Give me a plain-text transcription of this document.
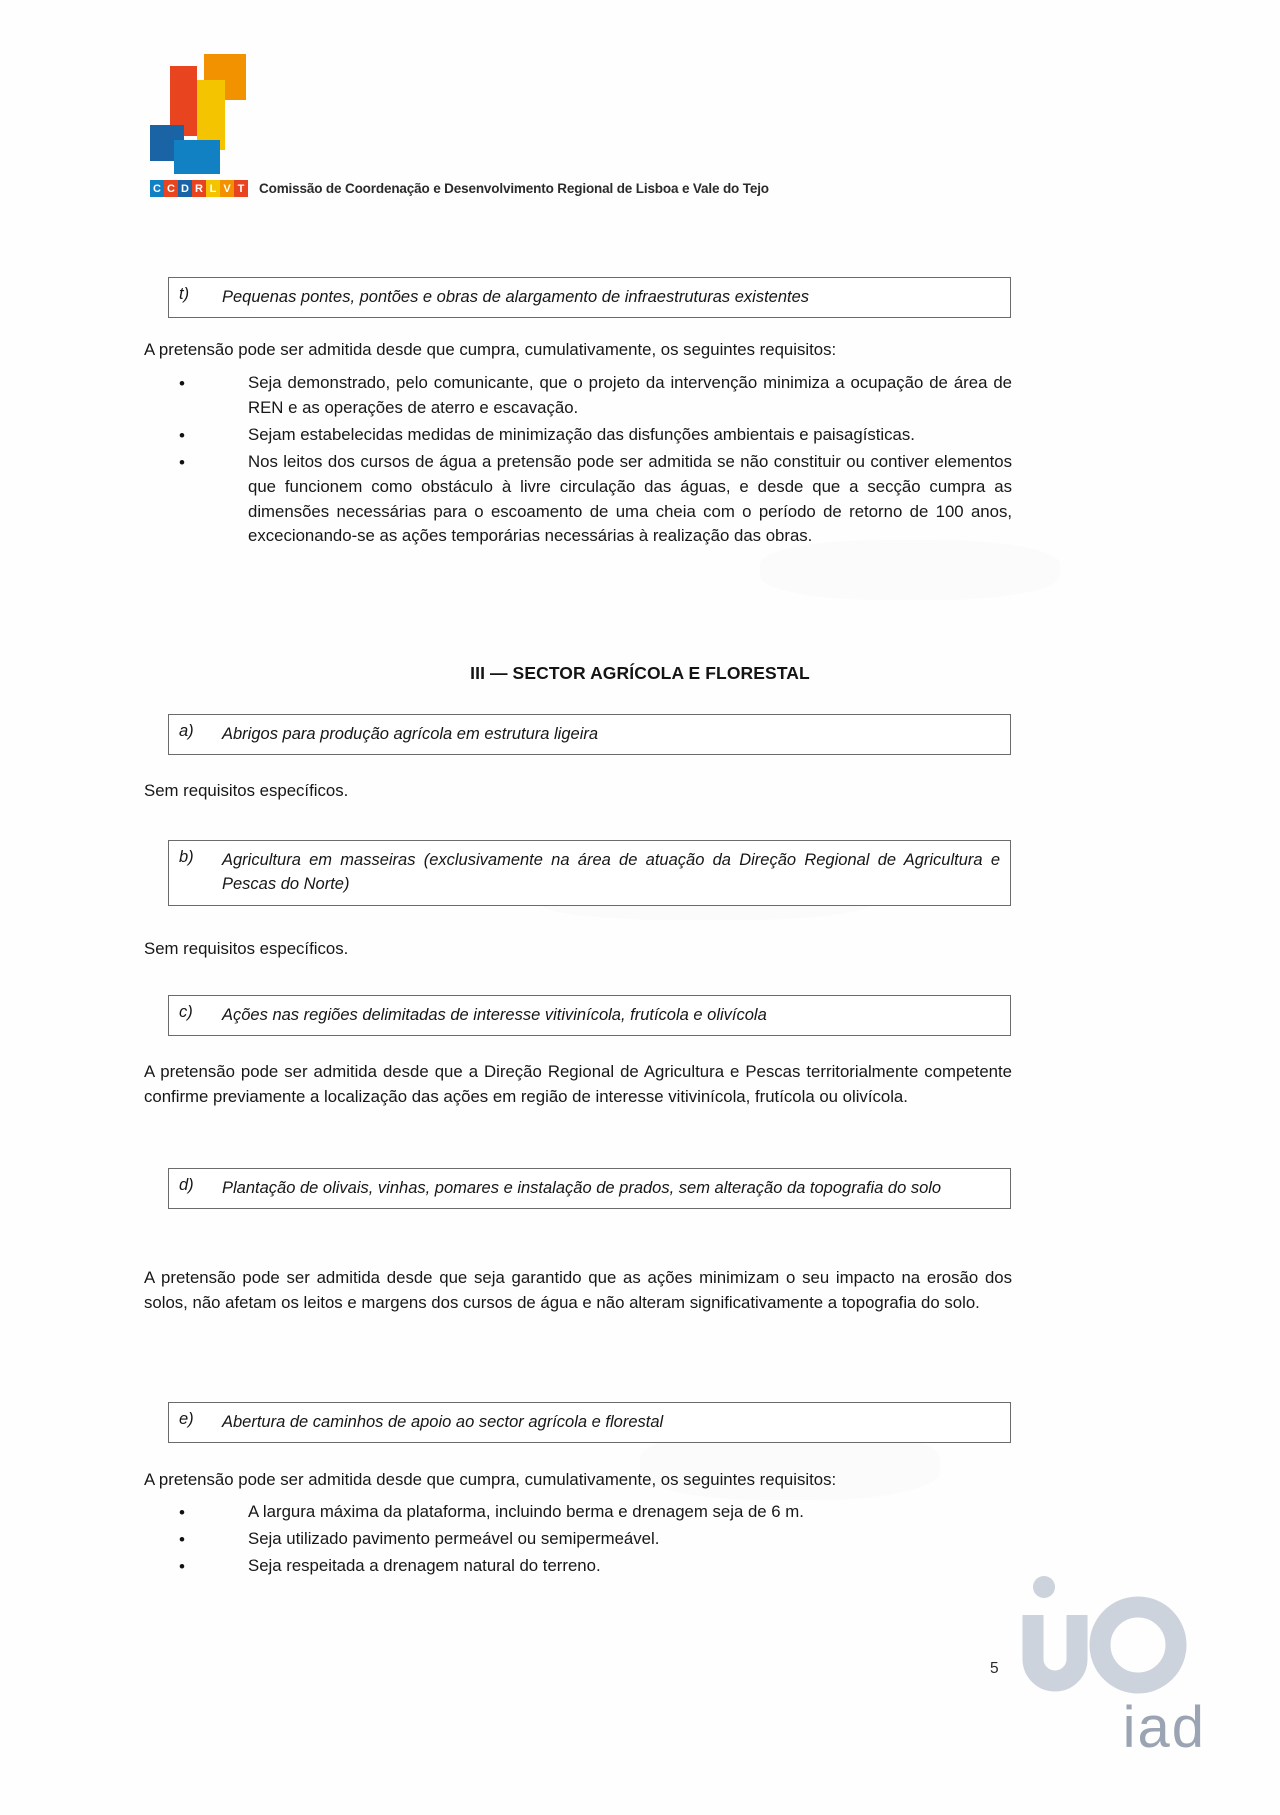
C C D R L V T Comissão de Coordenação e Desenvolvimento Regional de Lisboa e Vale do Tejo
t)	Pequenas pontes, pontões e obras de alargamento de infraestruturas existentes
A pretensão pode ser admitida desde que cumpra, cumulativamente, os seguintes requisitos:
•	Seja demonstrado, pelo comunicante, que o projeto da intervenção minimiza a ocupação de área de REN e as operações de aterro e escavação.
•	Sejam estabelecidas medidas de minimização das disfunções ambientais e paisagísticas.
•	Nos leitos dos cursos de água a pretensão pode ser admitida se não constituir ou contiver elementos que funcionem como obstáculo à livre circulação das águas, e desde que a secção cumpra as dimensões necessárias para o escoamento de uma cheia com o período de retorno de 100 anos, excecionando-se as ações temporárias necessárias à realização das obras.
III — SECTOR AGRÍCOLA E FLORESTAL
a)	Abrigos para produção agrícola em estrutura ligeira
Sem requisitos específicos.
b)	Agricultura em masseiras (exclusivamente na área de atuação da Direção Regional de Agricultura e Pescas do Norte)
Sem requisitos específicos.
c)	Ações nas regiões delimitadas de interesse vitivinícola, frutícola e olivícola
A pretensão pode ser admitida desde que a Direção Regional de Agricultura e Pescas territorialmente competente confirme previamente a localização das ações em região de interesse vitivinícola, frutícola ou olivícola.
d)	Plantação de olivais, vinhas, pomares e instalação de prados, sem alteração da topografia do solo
A pretensão pode ser admitida desde que seja garantido que as ações minimizam o seu impacto na erosão dos solos, não afetam os leitos e margens dos cursos de água e não alteram significativamente a topografia do solo.
e)	Abertura de caminhos de apoio ao sector agrícola e florestal
A pretensão pode ser admitida desde que cumpra, cumulativamente, os seguintes requisitos:
•	A largura máxima da plataforma, incluindo berma e drenagem seja de 6 m.
•	Seja utilizado pavimento permeável ou semipermeável.
•	Seja respeitada a drenagem natural do terreno.
5
iad
